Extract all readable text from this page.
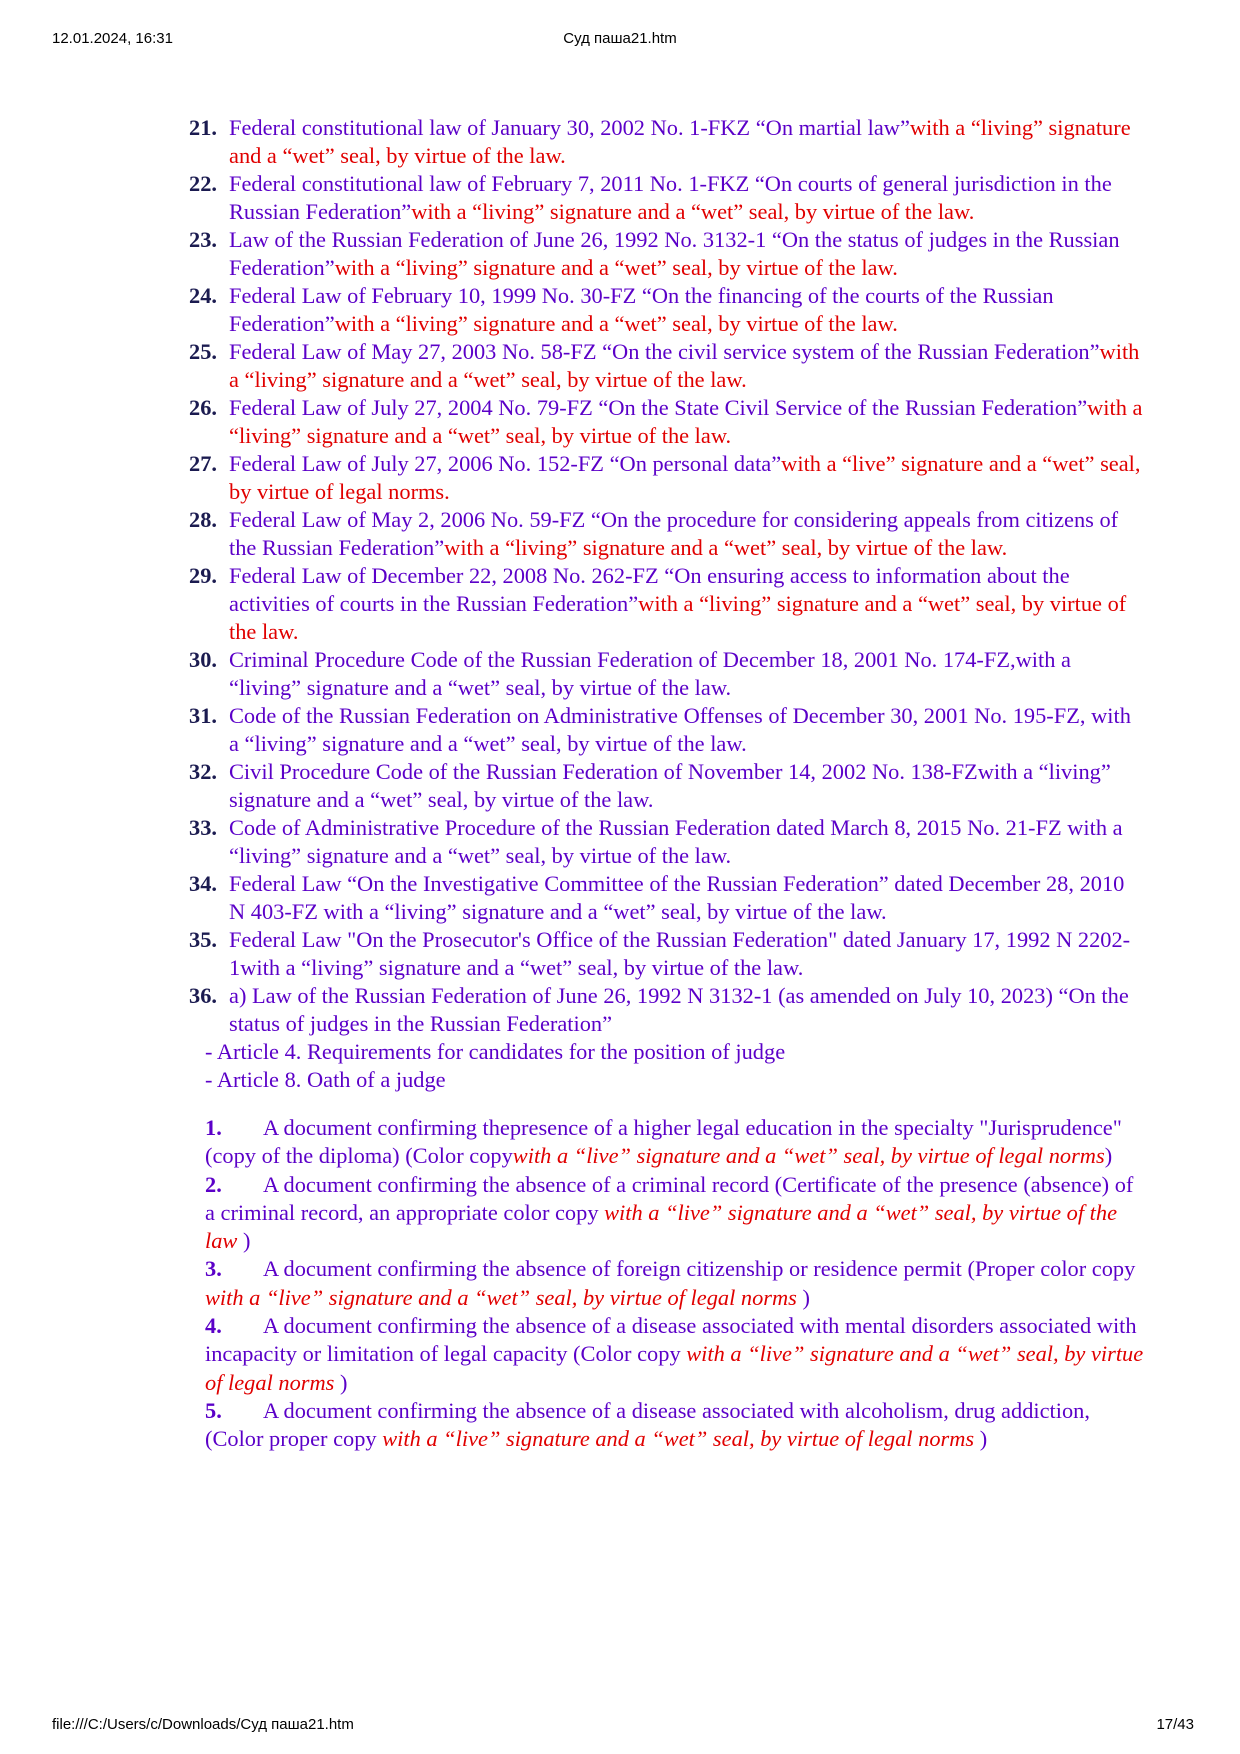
12.01.2024, 16:31	Суд паша21.htm
21. Federal constitutional law of January 30, 2002 No. 1-FKZ “On martial law”with a “living” signature and a “wet” seal, by virtue of the law.
22. Federal constitutional law of February 7, 2011 No. 1-FKZ “On courts of general jurisdiction in the Russian Federation”with a “living” signature and a “wet” seal, by virtue of the law.
23. Law of the Russian Federation of June 26, 1992 No. 3132-1 “On the status of judges in the Russian Federation”with a “living” signature and a “wet” seal, by virtue of the law.
24. Federal Law of February 10, 1999 No. 30-FZ “On the financing of the courts of the Russian Federation”with a “living” signature and a “wet” seal, by virtue of the law.
25. Federal Law of May 27, 2003 No. 58-FZ “On the civil service system of the Russian Federation”with a “living” signature and a “wet” seal, by virtue of the law.
26. Federal Law of July 27, 2004 No. 79-FZ “On the State Civil Service of the Russian Federation”with a “living” signature and a “wet” seal, by virtue of the law.
27. Federal Law of July 27, 2006 No. 152-FZ “On personal data”with a “live” signature and a “wet” seal, by virtue of legal norms.
28. Federal Law of May 2, 2006 No. 59-FZ “On the procedure for considering appeals from citizens of the Russian Federation”with a “living” signature and a “wet” seal, by virtue of the law.
29. Federal Law of December 22, 2008 No. 262-FZ “On ensuring access to information about the activities of courts in the Russian Federation”with a “living” signature and a “wet” seal, by virtue of the law.
30. Criminal Procedure Code of the Russian Federation of December 18, 2001 No. 174-FZ,with a “living” signature and a “wet” seal, by virtue of the law.
31. Code of the Russian Federation on Administrative Offenses of December 30, 2001 No. 195-FZ, with a “living” signature and a “wet” seal, by virtue of the law.
32. Civil Procedure Code of the Russian Federation of November 14, 2002 No. 138-FZwith a “living” signature and a “wet” seal, by virtue of the law.
33. Code of Administrative Procedure of the Russian Federation dated March 8, 2015 No. 21-FZ with a “living” signature and a “wet” seal, by virtue of the law.
34. Federal Law “On the Investigative Committee of the Russian Federation” dated December 28, 2010 N 403-FZ with a “living” signature and a “wet” seal, by virtue of the law.
35. Federal Law "On the Prosecutor's Office of the Russian Federation" dated January 17, 1992 N 2202-1with a “living” signature and a “wet” seal, by virtue of the law.
36. a) Law of the Russian Federation of June 26, 1992 N 3132-1 (as amended on July 10, 2023) “On the status of judges in the Russian Federation”
- Article 4. Requirements for candidates for the position of judge
- Article 8. Oath of a judge
1. A document confirming thepresence of a higher legal education in the specialty "Jurisprudence" (copy of the diploma) (Color copywith a “live” signature and a “wet” seal, by virtue of legal norms)
2. A document confirming the absence of a criminal record (Certificate of the presence (absence) of a criminal record, an appropriate color copy with a “live” signature and a “wet” seal, by virtue of the law )
3. A document confirming the absence of foreign citizenship or residence permit (Proper color copy with a “live” signature and a “wet” seal, by virtue of legal norms )
4. A document confirming the absence of a disease associated with mental disorders associated with incapacity or limitation of legal capacity (Color copy with a “live” signature and a “wet” seal, by virtue of legal norms )
5. A document confirming the absence of a disease associated with alcoholism, drug addiction, (Color proper copy with a “live” signature and a “wet” seal, by virtue of legal norms )
file:///C:/Users/c/Downloads/Суд паша21.htm	17/43
